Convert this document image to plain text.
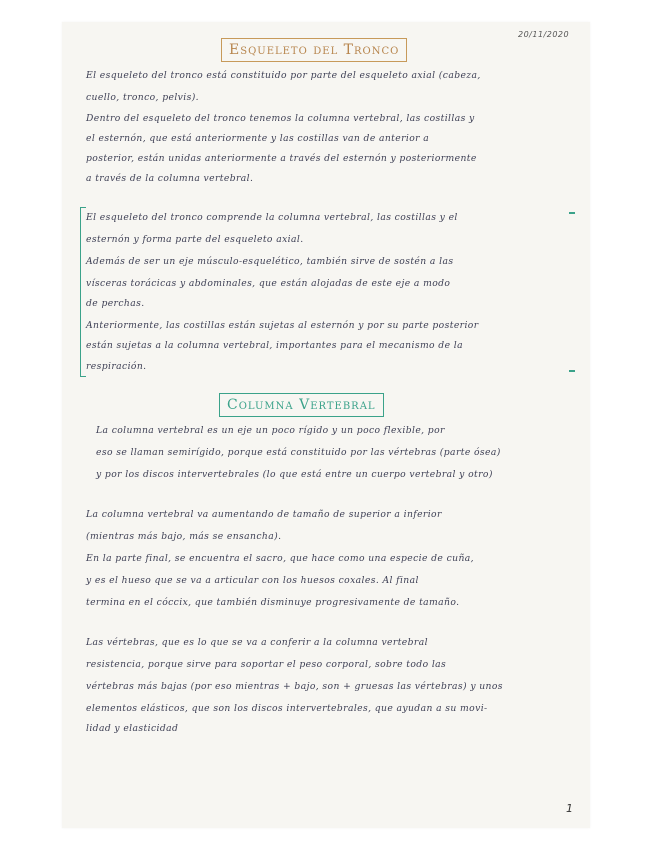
20/11/2020
Esqueleto del Tronco
El esqueleto del tronco está constituido por parte del esqueleto axial (cabeza,
cuello, tronco, pelvis).
Dentro del esqueleto del tronco tenemos la columna vertebral, las costillas y
el esternón, que está anteriormente y las costillas van de anterior a
posterior, están unidas anteriormente a través del esternón y posteriormente
a través de la columna vertebral.
El esqueleto del tronco comprende la columna vertebral, las costillas y el
esternón y forma parte del esqueleto axial.
Además de ser un eje músculo-esquelético, también sirve de sostén a las
vísceras torácicas y abdominales, que están alojadas de este eje a modo
de perchas.
Anteriormente, las costillas están sujetas al esternón y por su parte posterior
están sujetas a la columna vertebral, importantes para el mecanismo de la
respiración.
Columna Vertebral
La columna vertebral es un eje un poco rígido y un poco flexible, por
eso se llaman semirígido, porque está constituido por las vértebras (parte ósea)
y por los discos intervertebrales (lo que está entre un cuerpo vertebral y otro)
La columna vertebral va aumentando de tamaño de superior a inferior
(mientras más bajo, más se ensancha).
En la parte final, se encuentra el sacro, que hace como una especie de cuña,
y es el hueso que se va a articular con los huesos coxales. Al final
termina en el cóccix, que también disminuye progresivamente de tamaño.
Las vértebras, que es lo que se va a conferir a la columna vertebral
resistencia, porque sirve para soportar el peso corporal, sobre todo las
vértebras más bajas (por eso mientras + bajo, son + gruesas las vértebras) y unos
elementos elásticos, que son los discos intervertebrales, que ayudan a su movi-
lidad y elasticidad
1
